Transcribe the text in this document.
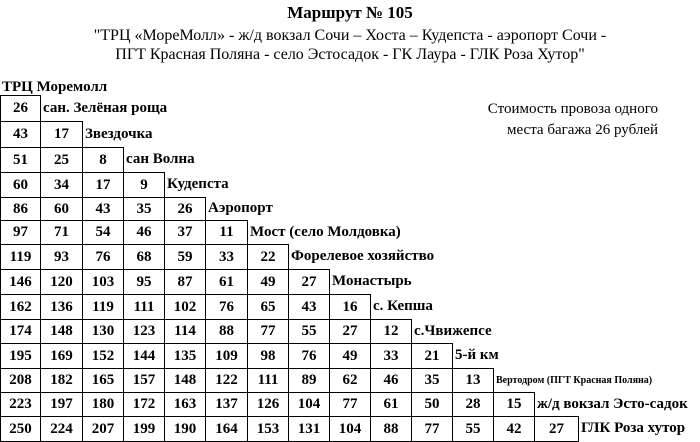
Маршрут № 105
"ТРЦ «МореМолл» - ж/д вокзал Сочи – Хоста – Кудепста - аэропорт Сочи -
ПГТ Красная Поляна - село Эстосадок - ГК Лаура - ГЛК Роза Хутор"
Стоимость провоза одного
места багажа 26 рублей
ТРЦ Моремолл
26	сан. Зелёная роща
43	17	Звездочка
51	25	8	сан Волна
60	34	17	9	Кудепста
86	60	43	35	26	Аэропорт
97	71	54	46	37	11	Мост (село Молдовка)
119	93	76	68	59	33	22	Форелевое хозяйство
146	120	103	95	87	61	49	27	Монастырь
162	136	119	111	102	76	65	43	16	с. Кепша
174	148	130	123	114	88	77	55	27	12	с.Чвижепсе
195	169	152	144	135	109	98	76	49	33	21	5-й км
208	182	165	157	148	122	111	89	62	46	35	13	Вертодром (ПГТ Красная Поляна)
223	197	180	172	163	137	126	104	77	61	50	28	15	ж/д вокзал Эсто-садок
250	224	207	199	190	164	153	131	104	88	77	55	42	27	ГЛК Роза хутор
